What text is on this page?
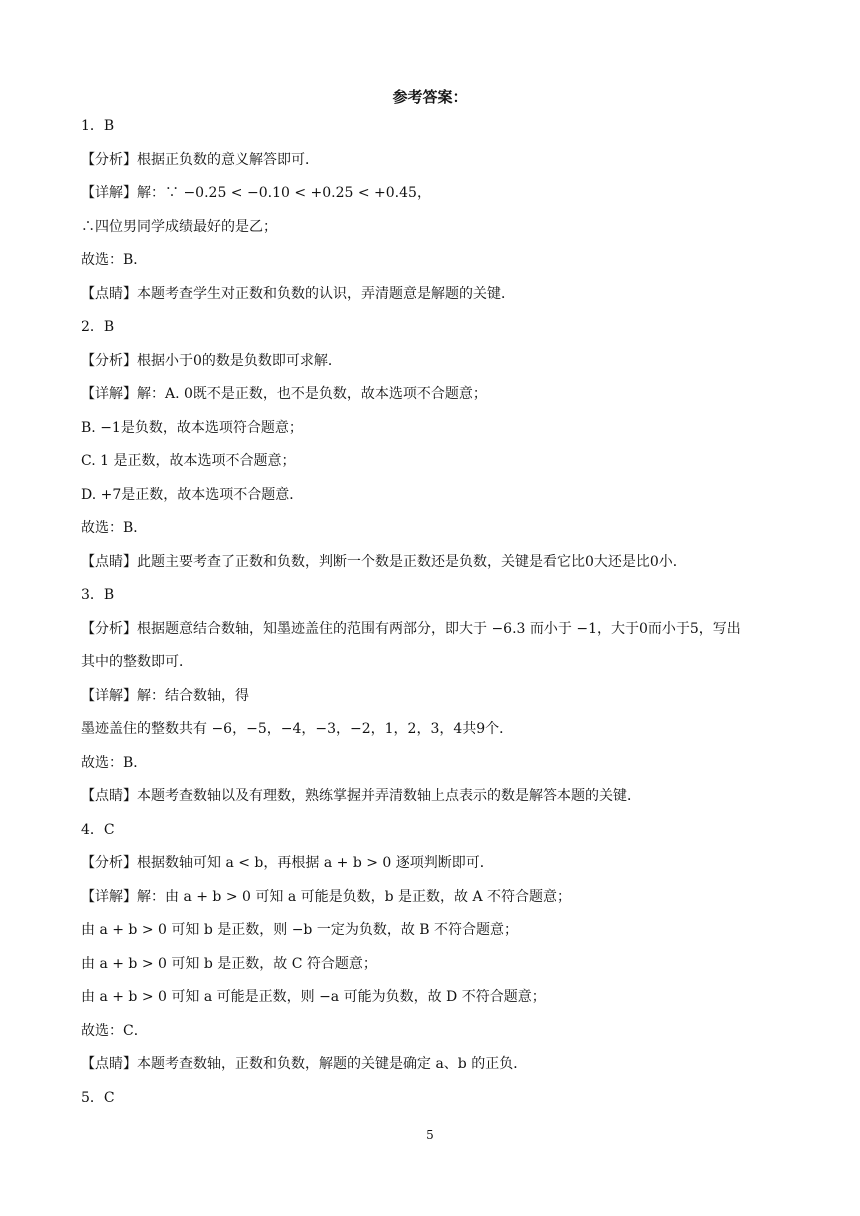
参考答案：
1．B
【分析】根据正负数的意义解答即可．
【详解】解：∵ −0.25 < −0.10 < +0.25 < +0.45，
∴四位男同学成绩最好的是乙；
故选：B．
【点睛】本题考查学生对正数和负数的认识，弄清题意是解题的关键．
2．B
【分析】根据小于0的数是负数即可求解．
【详解】解：A. 0既不是正数，也不是负数，故本选项不合题意；
B. −1是负数，故本选项符合题意；
C. 1 是正数，故本选项不合题意；
D. +7是正数，故本选项不合题意．
故选：B．
【点睛】此题主要考查了正数和负数，判断一个数是正数还是负数，关键是看它比0大还是比0小．
3．B
【分析】根据题意结合数轴，知墨迹盖住的范围有两部分，即大于 −6.3 而小于 −1，大于0而小于5，写出
其中的整数即可．
【详解】解：结合数轴，得
墨迹盖住的整数共有 −6，−5，−4，−3，−2，1，2，3，4共9个．
故选：B．
【点睛】本题考查数轴以及有理数，熟练掌握并弄清数轴上点表示的数是解答本题的关键．
4．C
【分析】根据数轴可知 a < b，再根据 a + b > 0 逐项判断即可．
【详解】解：由 a + b > 0 可知 a 可能是负数，b 是正数，故 A 不符合题意；
由 a + b > 0 可知 b 是正数，则 −b 一定为负数，故 B 不符合题意；
由 a + b > 0 可知 b 是正数，故 C 符合题意；
由 a + b > 0 可知 a 可能是正数，则 −a 可能为负数，故 D 不符合题意；
故选：C．
【点睛】本题考查数轴，正数和负数，解题的关键是确定 a、b 的正负．
5．C
5
